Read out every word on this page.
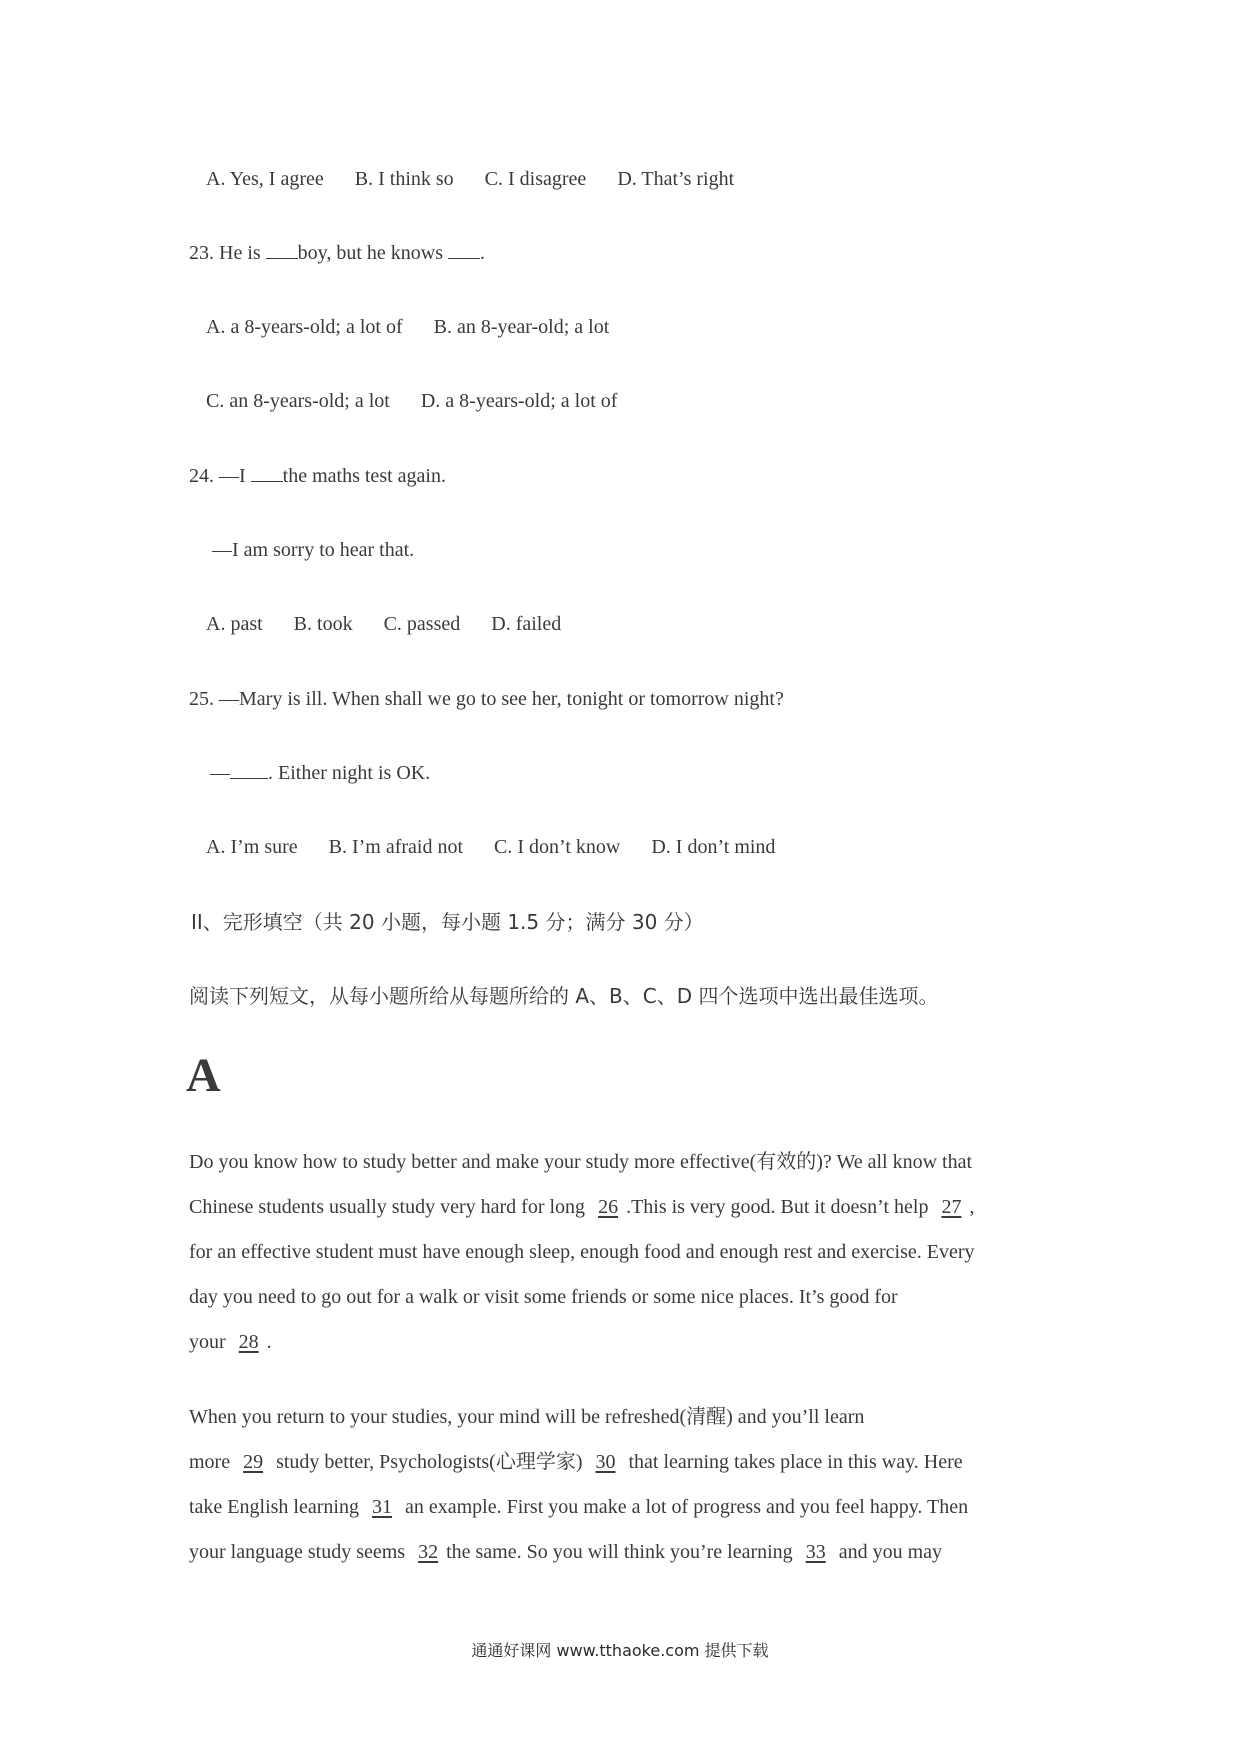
A. Yes, I agree B. I think so C. I disagree D. That’s right
23. He is boy, but he knows .
A. a 8-years-old; a lot of B. an 8-year-old; a lot
C. an 8-years-old; a lot D. a 8-years-old; a lot of
24. —I the maths test again.
—I am sorry to hear that.
A. past B. took C. passed D. failed
25. —Mary is ill. When shall we go to see her, tonight or tomorrow night?
— . Either night is OK.
A. I’m sure B. I’m afraid not C. I don’t know D. I don’t mind
II、完形填空（共 20 小题，每小题 1.5 分；满分 30 分）
阅读下列短文，从每小题所给从每题所给的 A、B、C、D 四个选项中选出最佳选项。
A
Do you know how to study better and make your study more effective(有效的)? We all know that
Chinese students usually study very hard for long 26 .This is very good. But it doesn’t help 27 ,
for an effective student must have enough sleep, enough food and enough rest and exercise. Every
day you need to go out for a walk or visit some friends or some nice places. It’s good for
your 28 .
When you return to your studies, your mind will be refreshed(清醒) and you’ll learn
more 29 study better, Psychologists(心理学家) 30 that learning takes place in this way. Here
take English learning 31 an example. First you make a lot of progress and you feel happy. Then
your language study seems 32 the same. So you will think you’re learning 33 and you may
通通好课网 www.tthaoke.com 提供下载
